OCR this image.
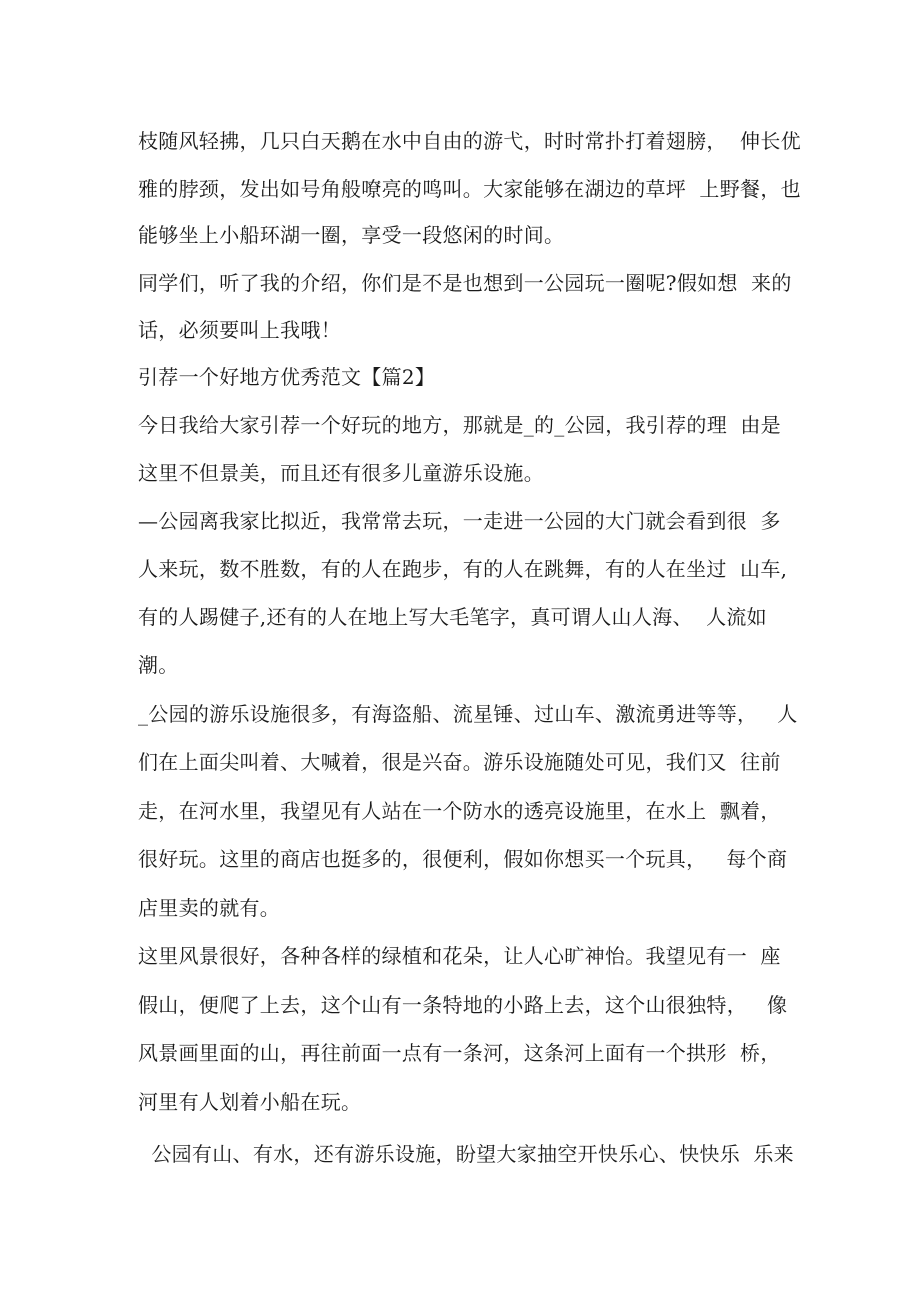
枝随风轻拂，几只白天鹅在水中自由的游弋，时时常扑打着翅膀，  伸长优
雅的脖颈，发出如号角般嘹亮的鸣叫。大家能够在湖边的草坪  上野餐，也
能够坐上小船环湖一圈，享受一段悠闲的时间。
同学们，听了我的介绍，你们是不是也想到一公园玩一圈呢?假如想  来的
话，必须要叫上我哦！
引荐一个好地方优秀范文【篇2】
今日我给大家引荐一个好玩的地方，那就是_的_公园，我引荐的理  由是
这里不但景美，而且还有很多儿童游乐设施。
—公园离我家比拟近，我常常去玩，一走进一公园的大门就会看到很  多
人来玩，数不胜数，有的人在跑步，有的人在跳舞，有的人在坐过  山车,
有的人踢健子,还有的人在地上写大毛笔字，真可谓人山人海、  人流如
潮。
_公园的游乐设施很多，有海盗船、流星锤、过山车、激流勇进等等，   人
们在上面尖叫着、大喊着，很是兴奋。游乐设施随处可见，我们又  往前
走，在河水里，我望见有人站在一个防水的透亮设施里，在水上  飘着，
很好玩。这里的商店也挺多的，很便利，假如你想买一个玩具，   每个商
店里卖的就有。
这里风景很好，各种各样的绿植和花朵，让人心旷神怡。我望见有一  座
假山，便爬了上去，这个山有一条特地的小路上去，这个山很独特，   像
风景画里面的山，再往前面一点有一条河，这条河上面有一个拱形  桥，
河里有人划着小船在玩。
公园有山、有水，还有游乐设施，盼望大家抽空开快乐心、快快乐  乐来
